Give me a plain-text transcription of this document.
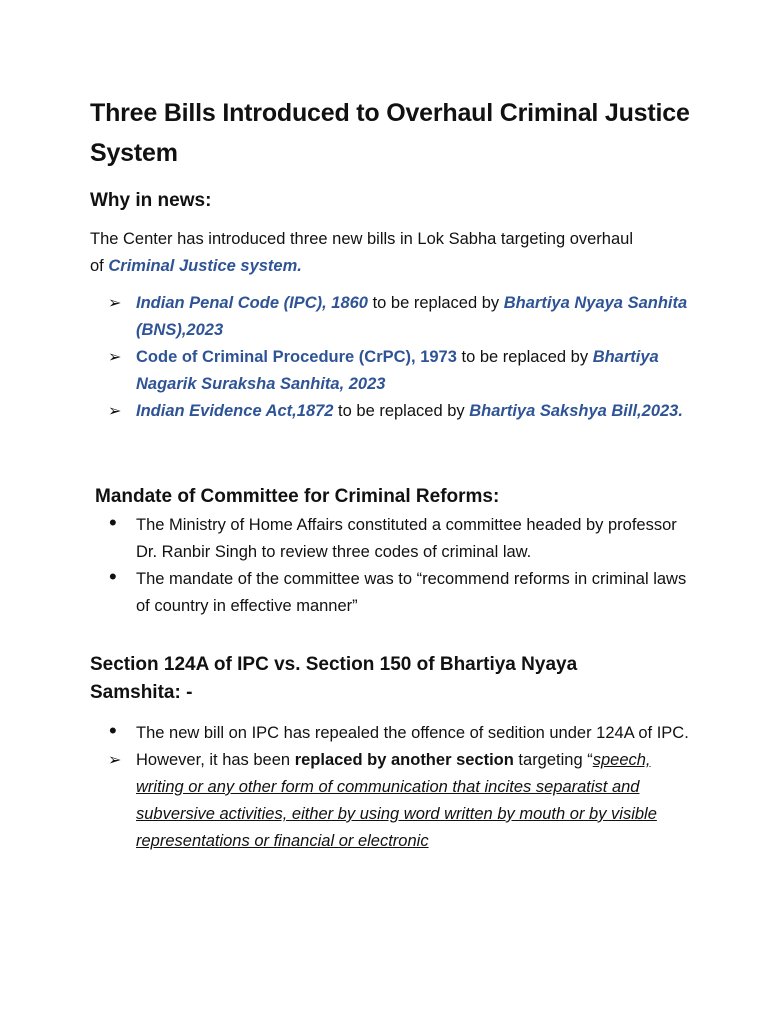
Three Bills Introduced to Overhaul Criminal Justice System
Why in news:

The Center has introduced three new bills in Lok Sabha targeting overhaul of Criminal Justice system.

➢ Indian Penal Code (IPC), 1860 to be replaced by Bhartiya Nyaya Sanhita (BNS),2023
➢ Code of Criminal Procedure (CrPC), 1973 to be replaced by Bhartiya Nagarik Suraksha Sanhita, 2023
➢ Indian Evidence Act,1872 to be replaced by Bhartiya Sakshya Bill,2023.
Mandate of Committee for Criminal Reforms:
• The Ministry of Home Affairs constituted a committee headed by professor Dr. Ranbir Singh to review three codes of criminal law.
• The mandate of the committee was to “recommend reforms in criminal laws of country in effective manner”
Section 124A of IPC vs. Section 150 of Bhartiya Nyaya Samshita: -
• The new bill on IPC has repealed the offence of sedition under 124A of IPC.
➢ However, it has been replaced by another section targeting “speech, writing or any other form of communication that incites separatist and subversive activities, either by using word written by mouth or by visible representations or financial or electronic
